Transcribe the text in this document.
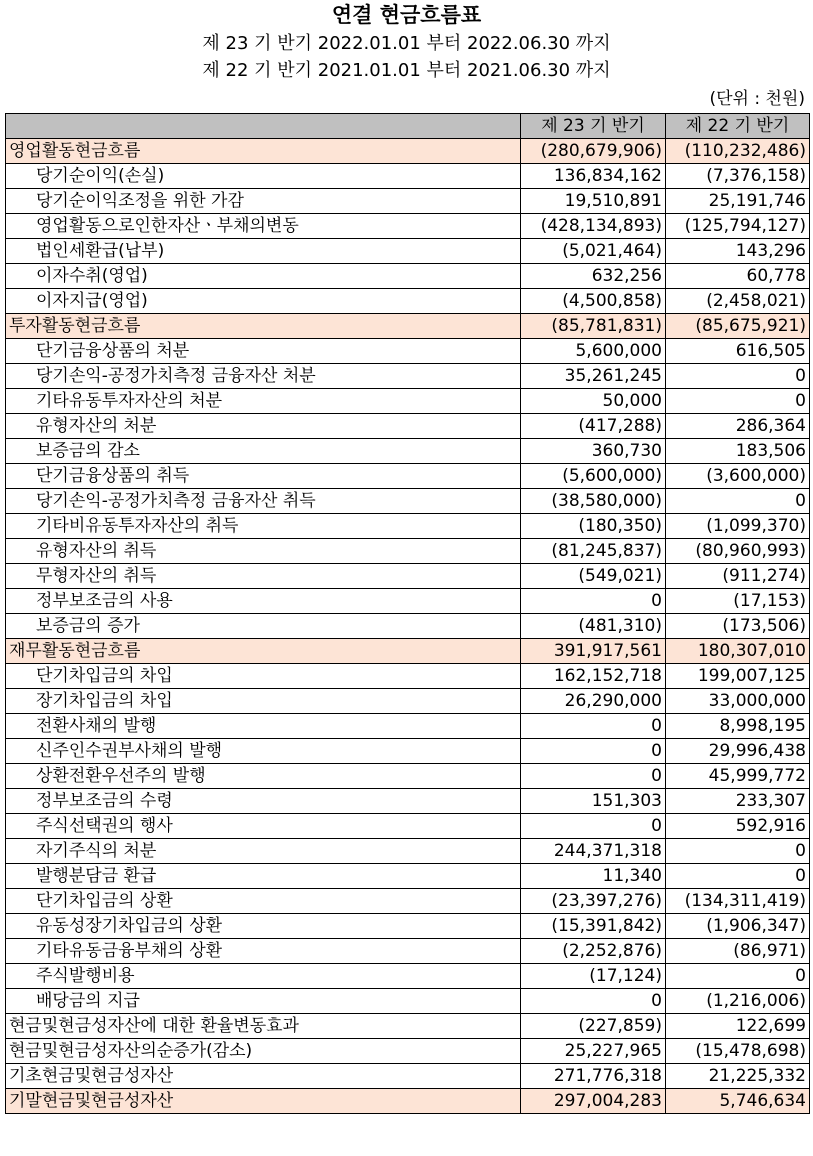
연결 현금흐름표
제 23 기 반기 2022.01.01 부터 2022.06.30 까지
제 22 기 반기 2021.01.01 부터 2021.06.30 까지
(단위 : 천원)
	제 23 기 반기	제 22 기 반기
영업활동현금흐름	(280,679,906)	(110,232,486)
당기순이익(손실)	136,834,162	(7,376,158)
당기순이익조정을 위한 가감	19,510,891	25,191,746
영업활동으로인한자산ㆍ부채의변동	(428,134,893)	(125,794,127)
법인세환급(납부)	(5,021,464)	143,296
이자수취(영업)	632,256	60,778
이자지급(영업)	(4,500,858)	(2,458,021)
투자활동현금흐름	(85,781,831)	(85,675,921)
단기금융상품의 처분	5,600,000	616,505
당기손익-공정가치측정 금융자산 처분	35,261,245	0
기타유동투자자산의 처분	50,000	0
유형자산의 처분	(417,288)	286,364
보증금의 감소	360,730	183,506
단기금융상품의 취득	(5,600,000)	(3,600,000)
당기손익-공정가치측정 금융자산 취득	(38,580,000)	0
기타비유동투자자산의 취득	(180,350)	(1,099,370)
유형자산의 취득	(81,245,837)	(80,960,993)
무형자산의 취득	(549,021)	(911,274)
정부보조금의 사용	0	(17,153)
보증금의 증가	(481,310)	(173,506)
재무활동현금흐름	391,917,561	180,307,010
단기차입금의 차입	162,152,718	199,007,125
장기차입금의 차입	26,290,000	33,000,000
전환사채의 발행	0	8,998,195
신주인수권부사채의 발행	0	29,996,438
상환전환우선주의 발행	0	45,999,772
정부보조금의 수령	151,303	233,307
주식선택권의 행사	0	592,916
자기주식의 처분	244,371,318	0
발행분담금 환급	11,340	0
단기차입금의 상환	(23,397,276)	(134,311,419)
유동성장기차입금의 상환	(15,391,842)	(1,906,347)
기타유동금융부채의 상환	(2,252,876)	(86,971)
주식발행비용	(17,124)	0
배당금의 지급	0	(1,216,006)
현금및현금성자산에 대한 환율변동효과	(227,859)	122,699
현금및현금성자산의순증가(감소)	25,227,965	(15,478,698)
기초현금및현금성자산	271,776,318	21,225,332
기말현금및현금성자산	297,004,283	5,746,634
